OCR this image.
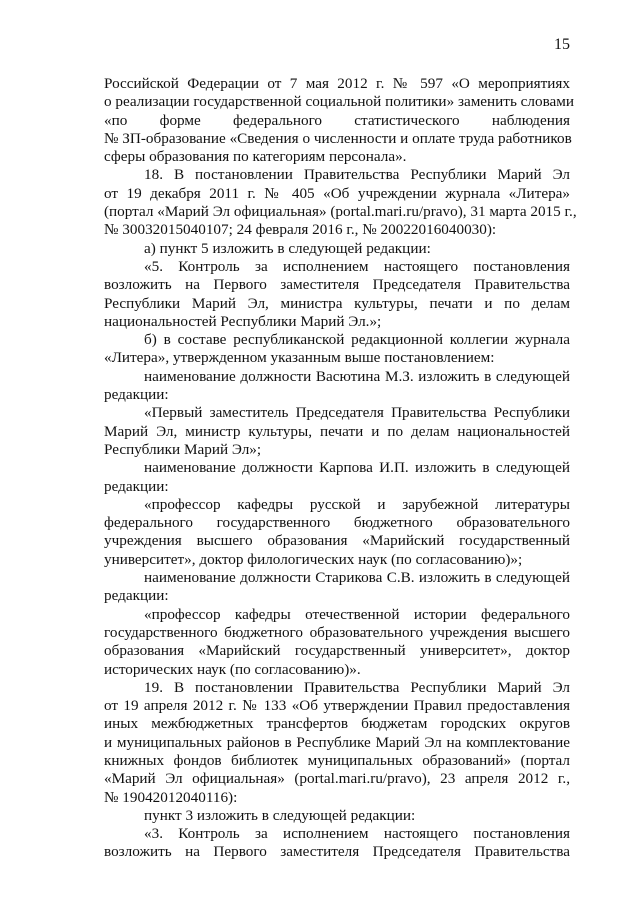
15
Российской Федерации от 7 мая 2012 г. № 597 «О мероприятиях
о реализации государственной социальной политики» заменить словами
«по форме федерального статистического наблюдения
№ ЗП-образование «Сведения о численности и оплате труда работников
сферы образования по категориям персонала».
18. В постановлении Правительства Республики Марий Эл
от 19 декабря 2011 г. № 405 «Об учреждении журнала «Литера»
(портал «Марий Эл официальная» (portal.mari.ru/pravo), 31 марта 2015 г.,
№ 30032015040107; 24 февраля 2016 г., № 20022016040030):
а) пункт 5 изложить в следующей редакции:
«5. Контроль за исполнением настоящего постановления
возложить на Первого заместителя Председателя Правительства
Республики Марий Эл, министра культуры, печати и по делам
национальностей Республики Марий Эл.»;
б) в составе республиканской редакционной коллегии журнала
«Литера», утвержденном указанным выше постановлением:
наименование должности Васютина М.З. изложить в следующей
редакции:
«Первый заместитель Председателя Правительства Республики
Марий Эл, министр культуры, печати и по делам национальностей
Республики Марий Эл»;
наименование должности Карпова И.П. изложить в следующей
редакции:
«профессор кафедры русской и зарубежной литературы
федерального государственного бюджетного образовательного
учреждения высшего образования «Марийский государственный
университет», доктор филологических наук (по согласованию)»;
наименование должности Старикова С.В. изложить в следующей
редакции:
«профессор кафедры отечественной истории федерального
государственного бюджетного образовательного учреждения высшего
образования «Марийский государственный университет», доктор
исторических наук (по согласованию)».
19. В постановлении Правительства Республики Марий Эл
от 19 апреля 2012 г. № 133 «Об утверждении Правил предоставления
иных межбюджетных трансфертов бюджетам городских округов
и муниципальных районов в Республике Марий Эл на комплектование
книжных фондов библиотек муниципальных образований» (портал
«Марий Эл официальная» (portal.mari.ru/pravo), 23 апреля 2012 г.,
№ 19042012040116):
пункт 3 изложить в следующей редакции:
«3. Контроль за исполнением настоящего постановления
возложить на Первого заместителя Председателя Правительства
